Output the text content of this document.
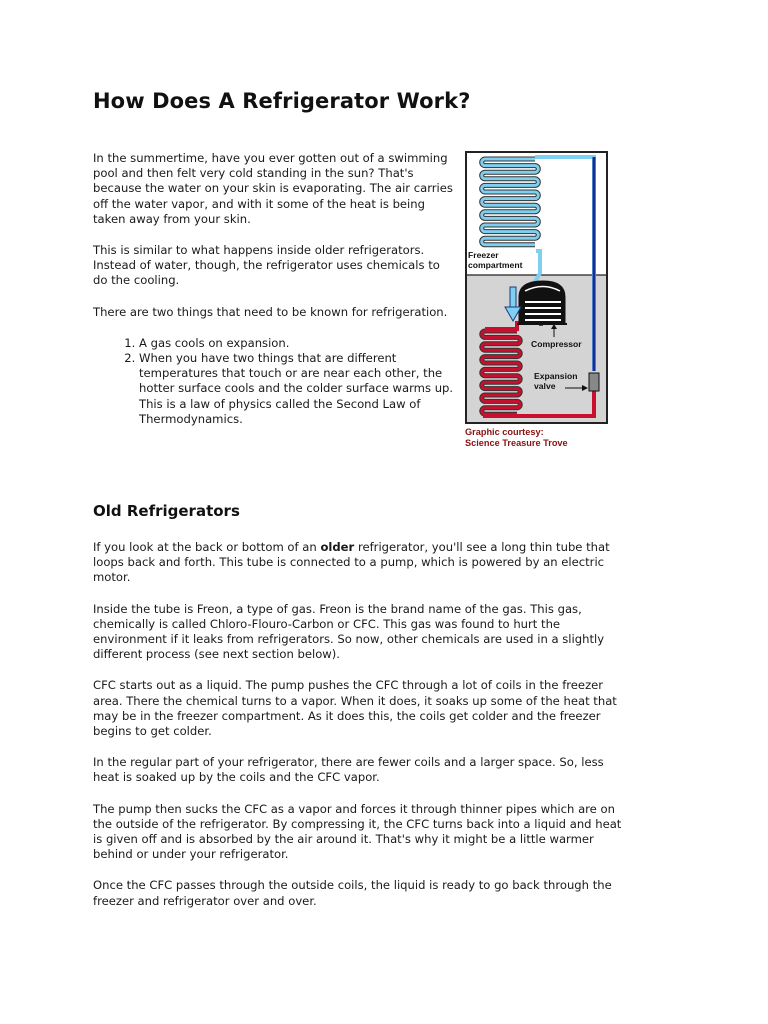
How Does A Refrigerator Work?

In the summertime, have you ever gotten out of a swimming pool and then felt very cold standing in the sun? That's because the water on your skin is evaporating. The air carries off the water vapor, and with it some of the heat is being taken away from your skin.

This is similar to what happens inside older refrigerators. Instead of water, though, the refrigerator uses chemicals to do the cooling.

There are two things that need to be known for refrigeration.

1. A gas cools on expansion.
2. When you have two things that are different temperatures that touch or are near each other, the hotter surface cools and the colder surface warms up. This is a law of physics called the Second Law of Thermodynamics.
Freezer
compartment
Compressor
Expansion
valve
Graphic courtesy:
Science Treasure Trove
Old Refrigerators

If you look at the back or bottom of an older refrigerator, you'll see a long thin tube that loops back and forth. This tube is connected to a pump, which is powered by an electric motor.

Inside the tube is Freon, a type of gas. Freon is the brand name of the gas. This gas, chemically is called Chloro-Flouro-Carbon or CFC. This gas was found to hurt the environment if it leaks from refrigerators. So now, other chemicals are used in a slightly different process (see next section below).

CFC starts out as a liquid. The pump pushes the CFC through a lot of coils in the freezer area. There the chemical turns to a vapor. When it does, it soaks up some of the heat that may be in the freezer compartment. As it does this, the coils get colder and the freezer begins to get colder.

In the regular part of your refrigerator, there are fewer coils and a larger space. So, less heat is soaked up by the coils and the CFC vapor.

The pump then sucks the CFC as a vapor and forces it through thinner pipes which are on the outside of the refrigerator. By compressing it, the CFC turns back into a liquid and heat is given off and is absorbed by the air around it. That's why it might be a little warmer behind or under your refrigerator.

Once the CFC passes through the outside coils, the liquid is ready to go back through the freezer and refrigerator over and over.
